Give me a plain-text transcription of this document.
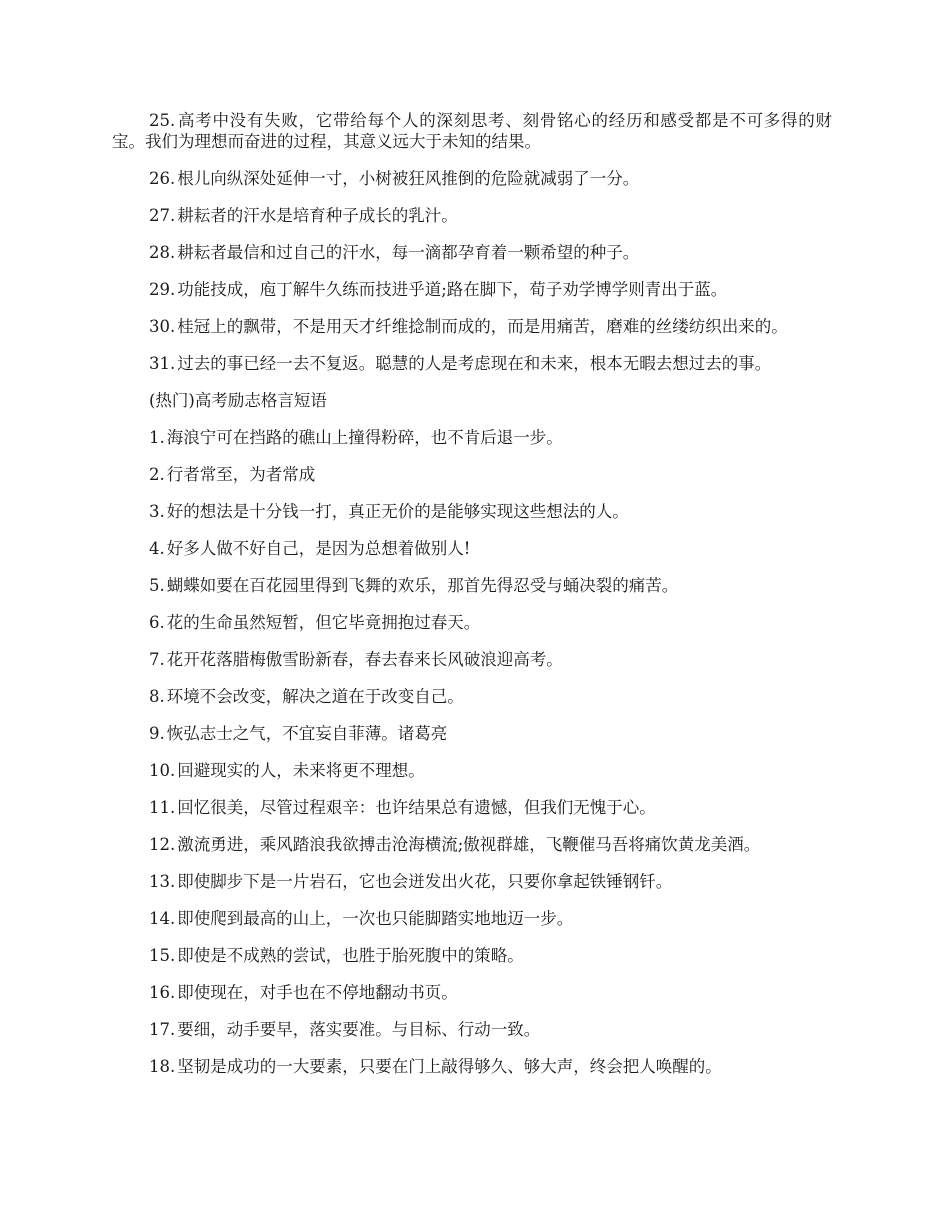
25. 高考中没有失败，它带给每个人的深刻思考、刻骨铭心的经历和感受都是不可多得的财宝。我们为理想而奋进的过程，其意义远大于未知的结果。

26. 根儿向纵深处延伸一寸，小树被狂风推倒的危险就减弱了一分。

27. 耕耘者的汗水是培育种子成长的乳汁。

28. 耕耘者最信和过自己的汗水，每一滴都孕育着一颗希望的种子。

29. 功能技成，庖丁解牛久练而技进乎道;路在脚下，荀子劝学博学则青出于蓝。

30. 桂冠上的飘带，不是用天才纤维捻制而成的，而是用痛苦，磨难的丝缕纺织出来的。

31. 过去的事已经一去不复返。聪慧的人是考虑现在和未来，根本无暇去想过去的事。

(热门)高考励志格言短语

1. 海浪宁可在挡路的礁山上撞得粉碎，也不肯后退一步。

2. 行者常至，为者常成

3. 好的想法是十分钱一打，真正无价的是能够实现这些想法的人。

4. 好多人做不好自己，是因为总想着做别人!

5. 蝴蝶如要在百花园里得到飞舞的欢乐，那首先得忍受与蛹决裂的痛苦。

6. 花的生命虽然短暂，但它毕竟拥抱过春天。

7. 花开花落腊梅傲雪盼新春，春去春来长风破浪迎高考。

8. 环境不会改变，解决之道在于改变自己。

9. 恢弘志士之气，不宜妄自菲薄。诸葛亮

10. 回避现实的人，未来将更不理想。

11. 回忆很美，尽管过程艰辛：也许结果总有遗憾，但我们无愧于心。

12. 激流勇进，乘风踏浪我欲搏击沧海横流;傲视群雄，飞鞭催马吾将痛饮黄龙美酒。

13. 即使脚步下是一片岩石，它也会迸发出火花，只要你拿起铁锤钢钎。

14. 即使爬到最高的山上，一次也只能脚踏实地地迈一步。

15. 即使是不成熟的尝试，也胜于胎死腹中的策略。

16. 即使现在，对手也在不停地翻动书页。

17. 要细，动手要早，落实要准。与目标、行动一致。

18. 坚韧是成功的一大要素，只要在门上敲得够久、够大声，终会把人唤醒的。
